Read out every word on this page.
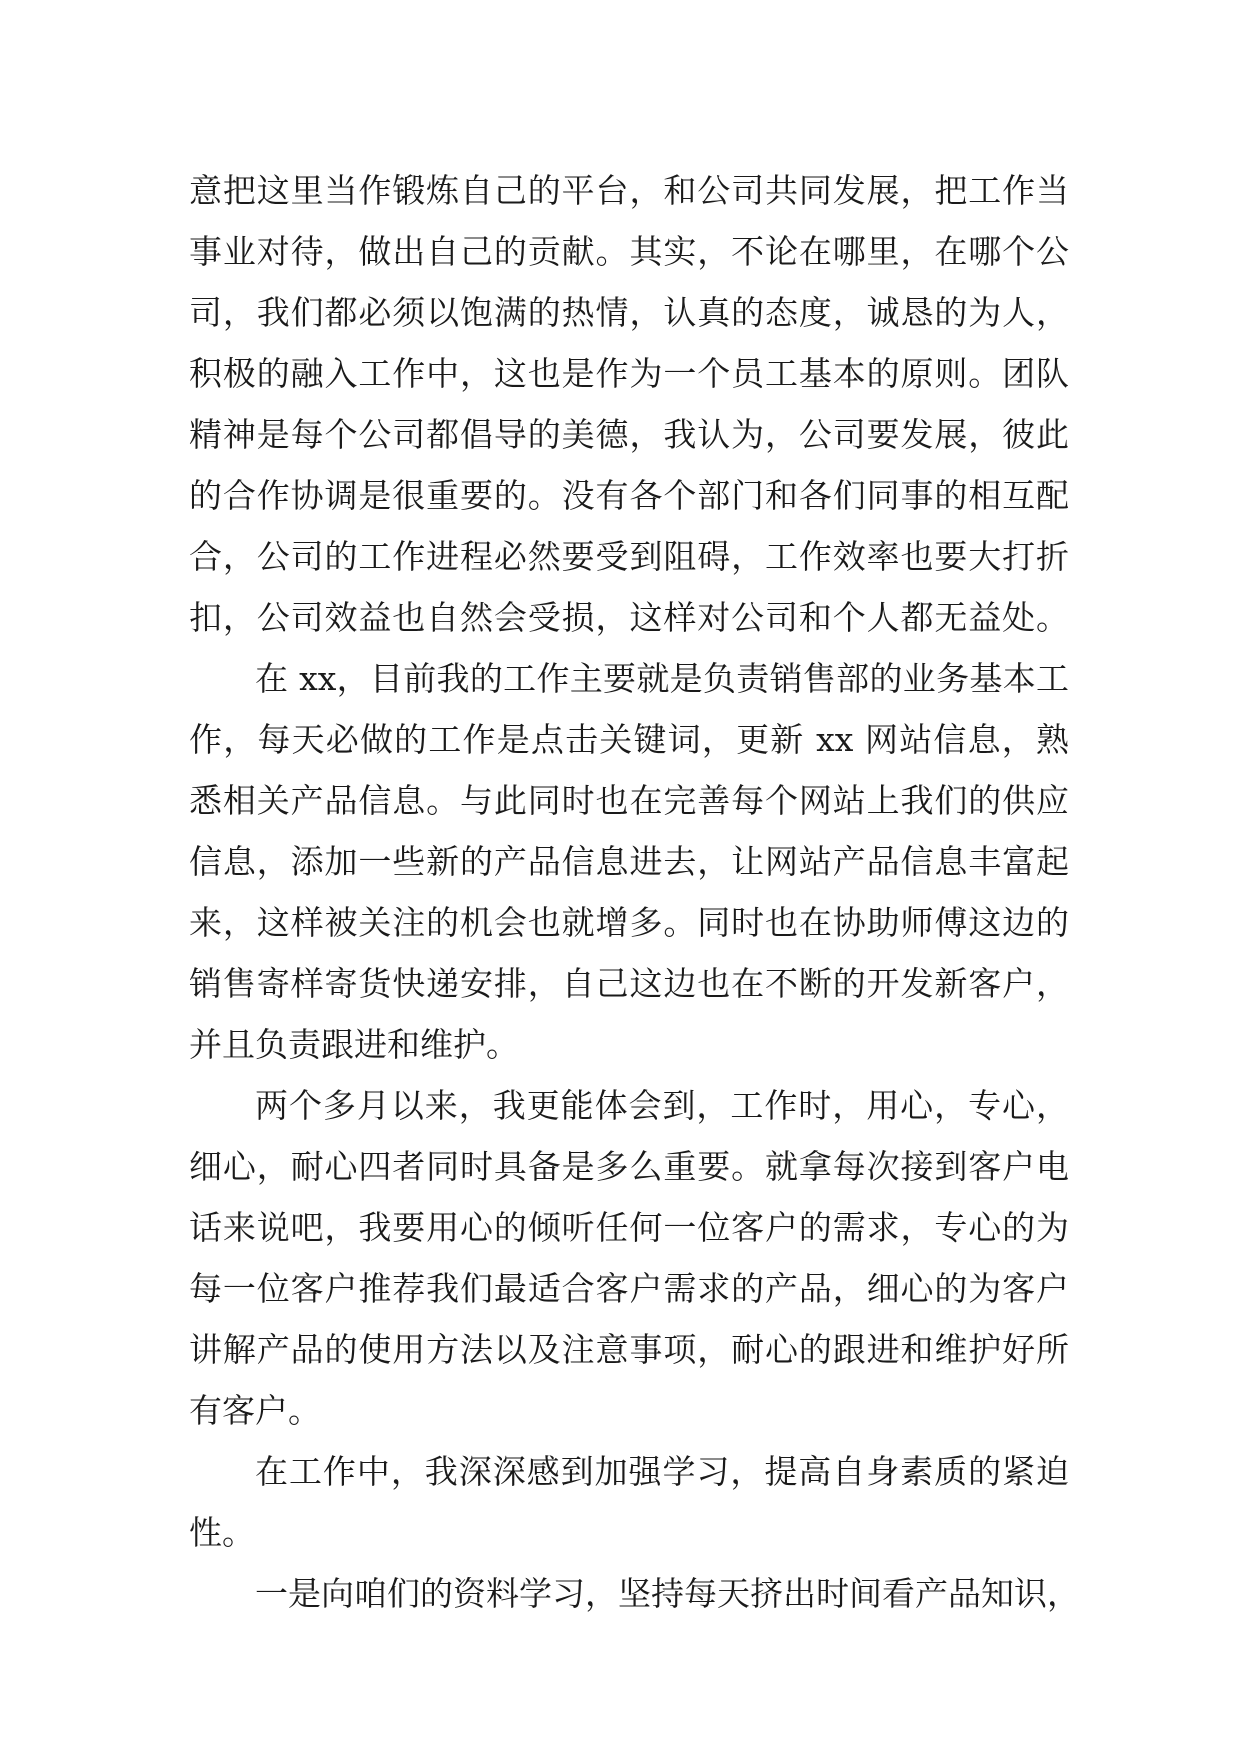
意把这里当作锻炼自己的平台，和公司共同发展，把工作当
事业对待，做出自己的贡献。其实，不论在哪里，在哪个公
司，我们都必须以饱满的热情，认真的态度，诚恳的为人，
积极的融入工作中，这也是作为一个员工基本的原则。团队
精神是每个公司都倡导的美德，我认为，公司要发展，彼此
的合作协调是很重要的。没有各个部门和各们同事的相互配
合，公司的工作进程必然要受到阻碍，工作效率也要大打折
扣，公司效益也自然会受损，这样对公司和个人都无益处。
在 xx，目前我的工作主要就是负责销售部的业务基本工
作，每天必做的工作是点击关键词，更新 xx 网站信息，熟
悉相关产品信息。与此同时也在完善每个网站上我们的供应
信息，添加一些新的产品信息进去，让网站产品信息丰富起
来，这样被关注的机会也就增多。同时也在协助师傅这边的
销售寄样寄货快递安排，自己这边也在不断的开发新客户，
并且负责跟进和维护。
两个多月以来，我更能体会到，工作时，用心，专心，
细心，耐心四者同时具备是多么重要。就拿每次接到客户电
话来说吧，我要用心的倾听任何一位客户的需求，专心的为
每一位客户推荐我们最适合客户需求的产品，细心的为客户
讲解产品的使用方法以及注意事项，耐心的跟进和维护好所
有客户。
在工作中，我深深感到加强学习，提高自身素质的紧迫
性。
一是向咱们的资料学习，坚持每天挤出时间看产品知识，
